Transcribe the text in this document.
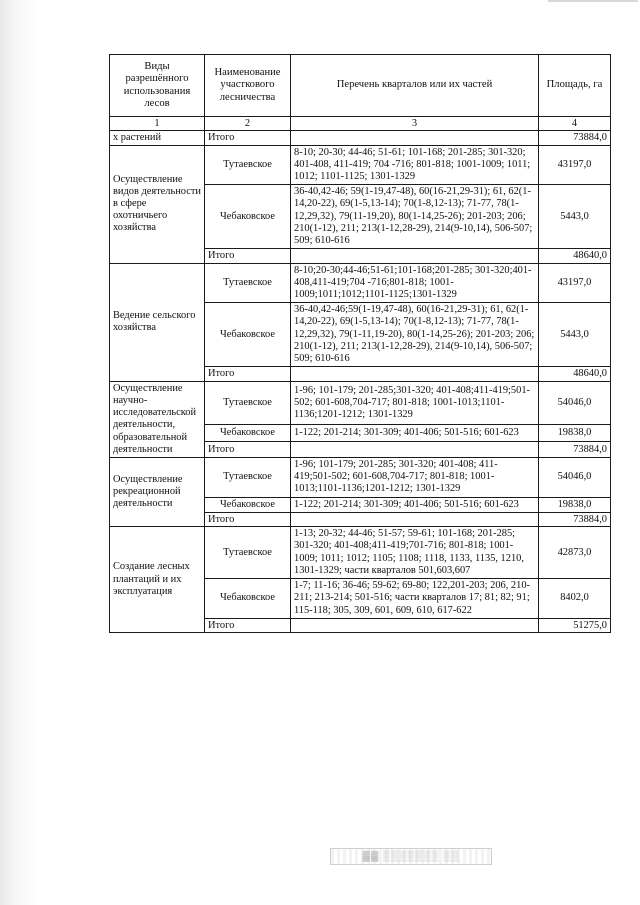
Виды разрешённого использования лесов	Наименование участкового лесничества	Перечень кварталов или их частей	Площадь, га
1	2	3	4
х растений	Итого		73884,0
Осуществление видов деятельности в сфере охотничьего хозяйства	Тутаевское	8-10; 20-30; 44-46; 51-61; 101-168; 201-285; 301-320; 401-408, 411-419; 704 -716; 801-818; 1001-1009; 1011; 1012; 1101-1125; 1301-1329	43197,0
	Чебаковское	36-40,42-46; 59(1-19,47-48), 60(16-21,29-31); 61, 62(1-14,20-22), 69(1-5,13-14); 70(1-8,12-13); 71-77, 78(1-12,29,32), 79(11-19,20), 80(1-14,25-26); 201-203; 206; 210(1-12), 211; 213(1-12,28-29), 214(9-10,14), 506-507; 509; 610-616	5443,0
	Итого		48640,0
Ведение сельского хозяйства	Тутаевское	8-10;20-30;44-46;51-61;101-168;201-285; 301-320;401-408,411-419;704 -716;801-818; 1001-1009;1011;1012;1101-1125;1301-1329	43197,0
	Чебаковское	36-40,42-46;59(1-19,47-48), 60(16-21,29-31); 61, 62(1-14,20-22), 69(1-5,13-14); 70(1-8,12-13); 71-77, 78(1-12,29,32), 79(1-11,19-20), 80(1-14,25-26); 201-203; 206; 210(1-12), 211; 213(1-12,28-29), 214(9-10,14), 506-507; 509; 610-616	5443,0
	Итого		48640,0
Осуществление научно-исследовательской деятельности, образовательной деятельности	Тутаевское	1-96; 101-179; 201-285;301-320; 401-408;411-419;501-502; 601-608,704-717; 801-818; 1001-1013;1101-1136;1201-1212; 1301-1329	54046,0
	Чебаковское	1-122; 201-214; 301-309; 401-406; 501-516; 601-623	19838,0
	Итого		73884,0
Осуществление рекреационной деятельности	Тутаевское	1-96; 101-179; 201-285; 301-320; 401-408; 411-419;501-502; 601-608,704-717; 801-818; 1001-1013;1101-1136;1201-1212; 1301-1329	54046,0
	Чебаковское	1-122; 201-214; 301-309; 401-406; 501-516; 601-623	19838,0
	Итого		73884,0
Создание лесных плантаций и их эксплуатация	Тутаевское	1-13; 20-32; 44-46; 51-57; 59-61; 101-168; 201-285; 301-320; 401-408;411-419;701-716; 801-818; 1001-1009; 1011; 1012; 1105; 1108; 1118, 1133, 1135, 1210, 1301-1329; части кварталов 501,603,607	42873,0
	Чебаковское	1-7; 11-16; 36-46; 59-62; 69-80; 122,201-203; 206, 210-211; 213-214; 501-516; части кварталов 17; 81; 82; 91; 115-118; 305, 309, 601, 609, 610, 617-622	8402,0
	Итого		51275,0
▓▓ ▒▒▒▒▒▒▒ ▒▒
